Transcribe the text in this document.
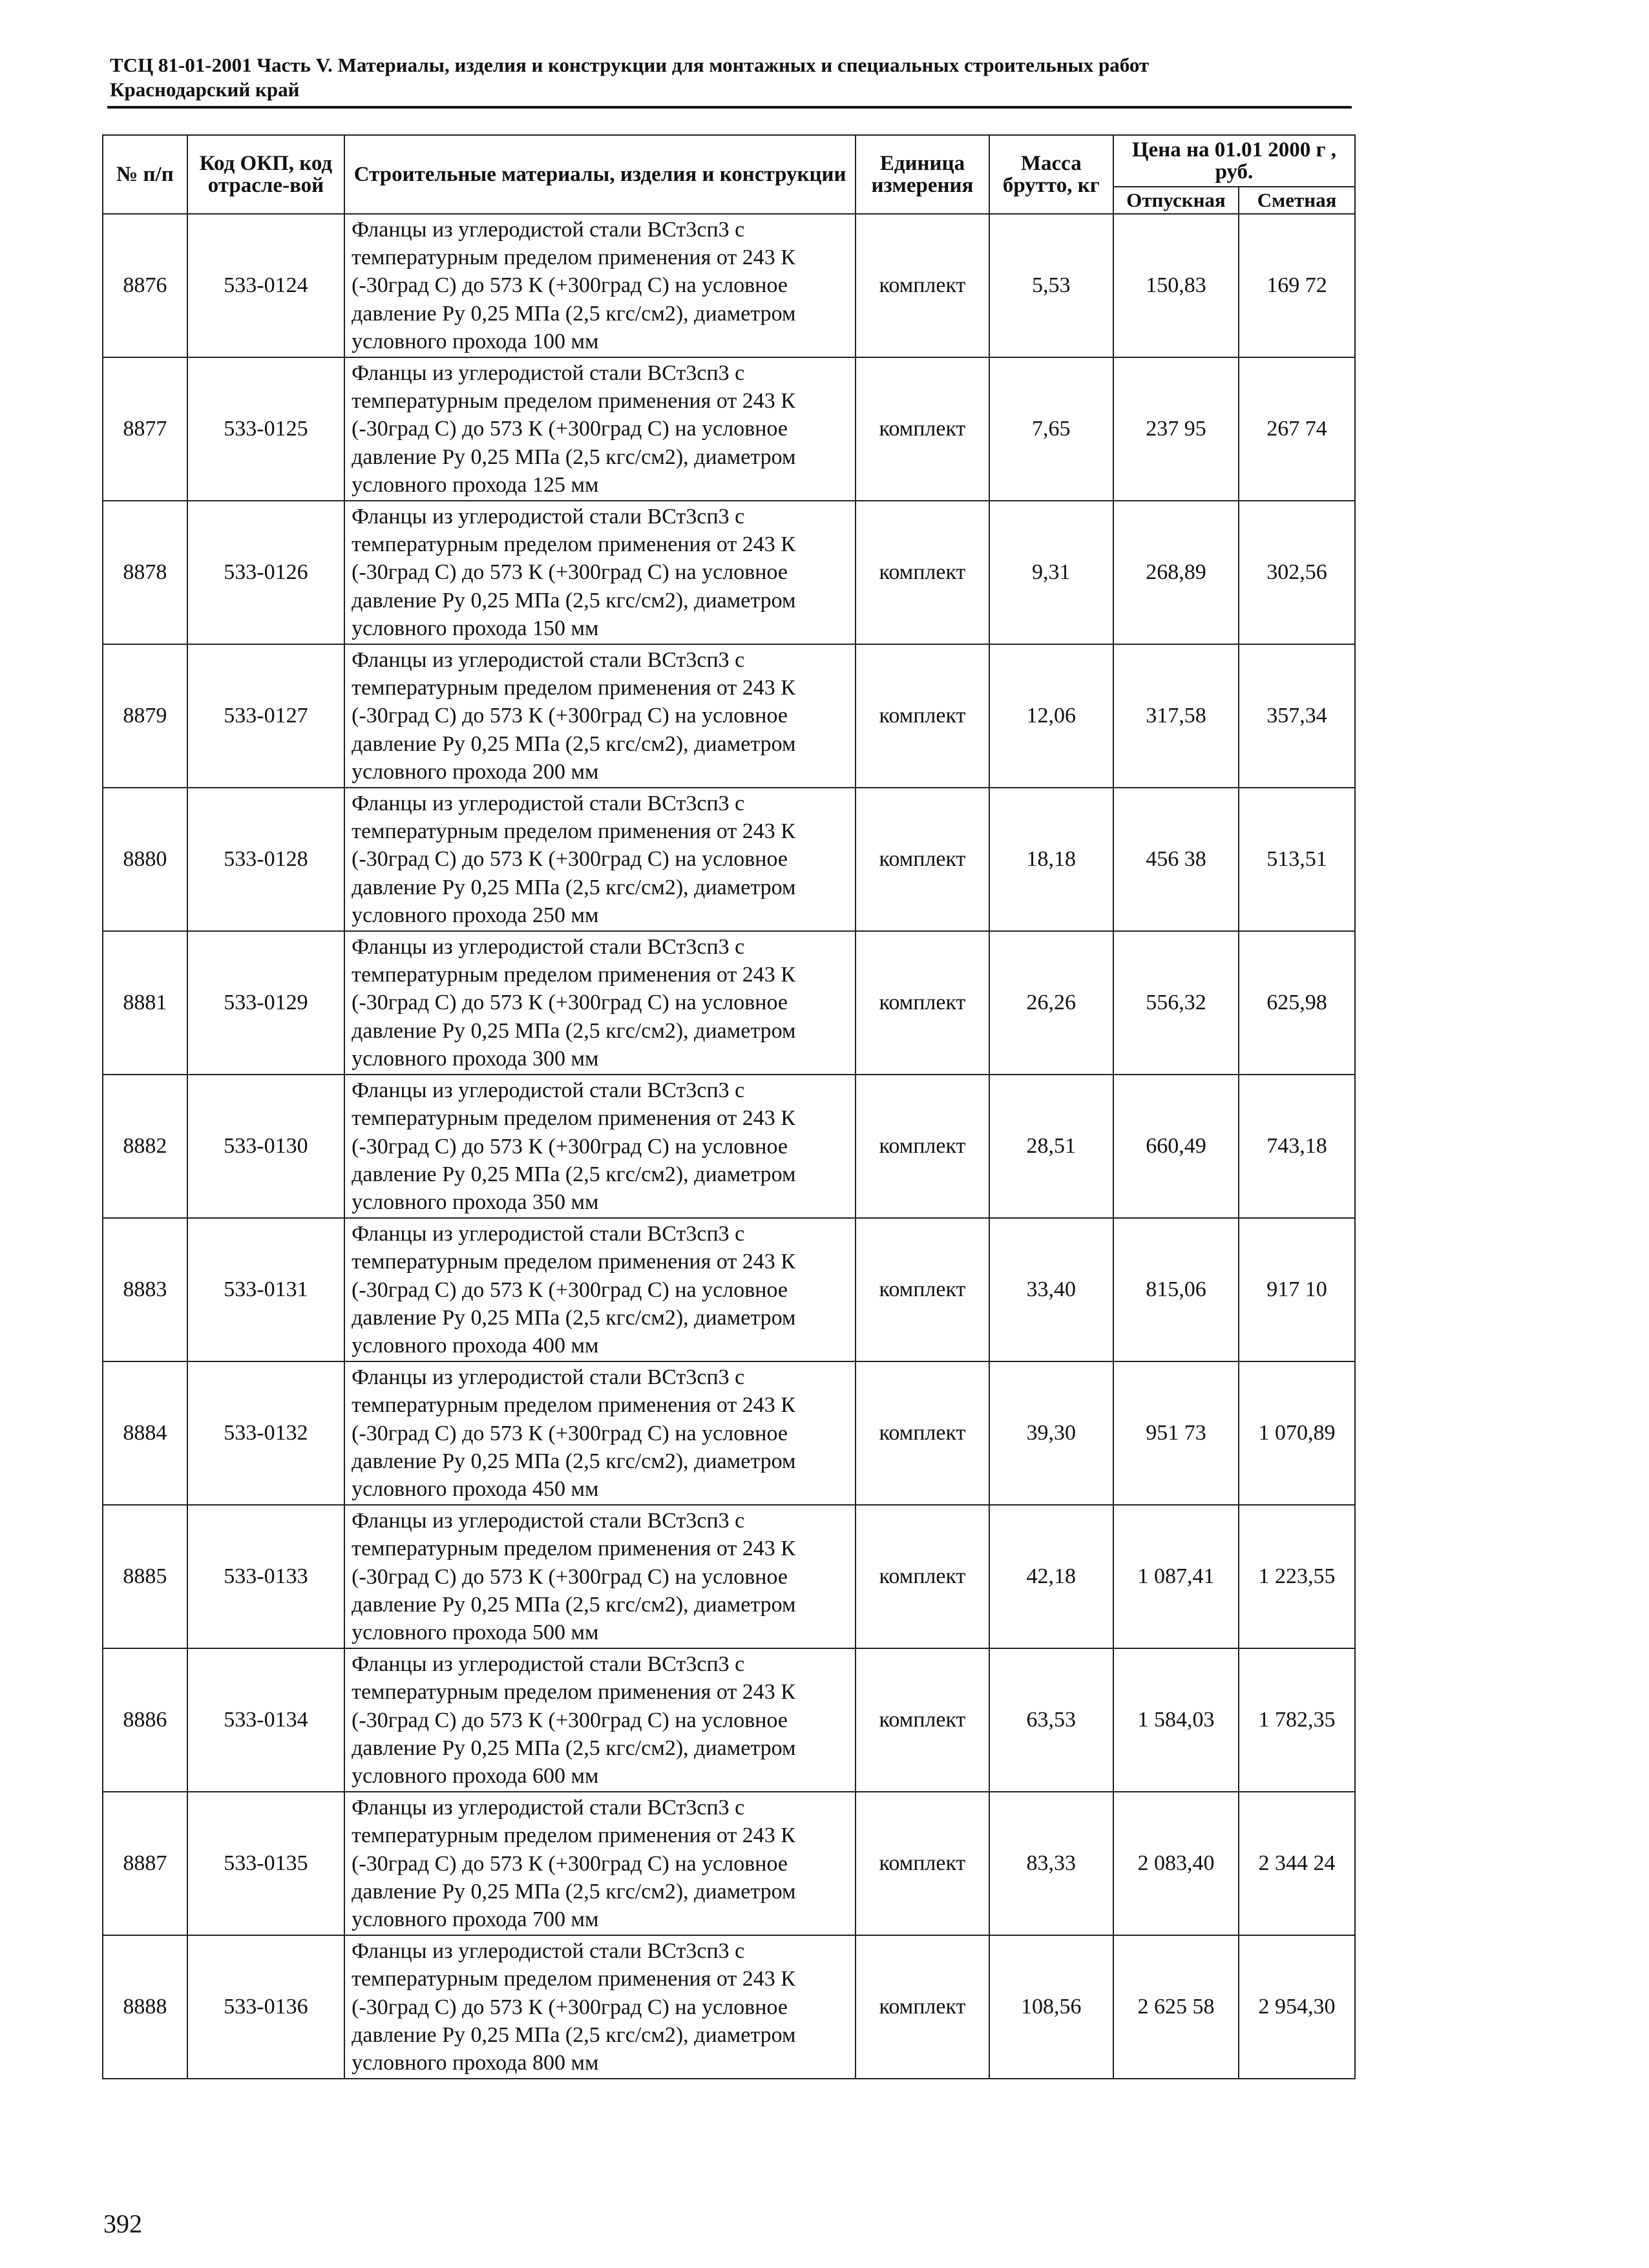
ТСЦ 81-01-2001 Часть V. Материалы, изделия и конструкции для монтажных и специальных строительных работ
Краснодарский край
№ п/п	Код ОКП, код отрасле-вой	Строительные материалы, изделия и конструкции	Единица измерения	Масса брутто, кг	Цена на 01.01 2000 г , руб.	
					Отпускная	Сметная
8876	533-0124	Фланцы из углеродистой стали ВСт3сп3 с температурным пределом применения от 243 К (-30град С) до 573 К (+300град С) на условное давление Ру 0,25 МПа (2,5 кгс/см2), диаметром условного прохода 100 мм	комплект	5,53	150,83	169 72
8877	533-0125	Фланцы из углеродистой стали ВСт3сп3 с температурным пределом применения от 243 К (-30град С) до 573 К (+300град С) на условное давление Ру 0,25 МПа (2,5 кгс/см2), диаметром условного прохода 125 мм	комплект	7,65	237 95	267 74
8878	533-0126	Фланцы из углеродистой стали ВСт3сп3 с температурным пределом применения от 243 К (-30град С) до 573 К (+300град С) на условное давление Ру 0,25 МПа (2,5 кгс/см2), диаметром условного прохода 150 мм	комплект	9,31	268,89	302,56
8879	533-0127	Фланцы из углеродистой стали ВСт3сп3 с температурным пределом применения от 243 К (-30град С) до 573 К (+300град С) на условное давление Ру 0,25 МПа (2,5 кгс/см2), диаметром условного прохода 200 мм	комплект	12,06	317,58	357,34
8880	533-0128	Фланцы из углеродистой стали ВСт3сп3 с температурным пределом применения от 243 К (-30град С) до 573 К (+300град С) на условное давление Ру 0,25 МПа (2,5 кгс/см2), диаметром условного прохода 250 мм	комплект	18,18	456 38	513,51
8881	533-0129	Фланцы из углеродистой стали ВСт3сп3 с температурным пределом применения от 243 К (-30град С) до 573 К (+300град С) на условное давление Ру 0,25 МПа (2,5 кгс/см2), диаметром условного прохода 300 мм	комплект	26,26	556,32	625,98
8882	533-0130	Фланцы из углеродистой стали ВСт3сп3 с температурным пределом применения от 243 К (-30град С) до 573 К (+300град С) на условное давление Ру 0,25 МПа (2,5 кгс/см2), диаметром условного прохода 350 мм	комплект	28,51	660,49	743,18
8883	533-0131	Фланцы из углеродистой стали ВСт3сп3 с температурным пределом применения от 243 К (-30град С) до 573 К (+300град С) на условное давление Ру 0,25 МПа (2,5 кгс/см2), диаметром условного прохода 400 мм	комплект	33,40	815,06	917 10
8884	533-0132	Фланцы из углеродистой стали ВСт3сп3 с температурным пределом применения от 243 К (-30град С) до 573 К (+300град С) на условное давление Ру 0,25 МПа (2,5 кгс/см2), диаметром условного прохода 450 мм	комплект	39,30	951 73	1 070,89
8885	533-0133	Фланцы из углеродистой стали ВСт3сп3 с температурным пределом применения от 243 К (-30град С) до 573 К (+300град С) на условное давление Ру 0,25 МПа (2,5 кгс/см2), диаметром условного прохода 500 мм	комплект	42,18	1 087,41	1 223,55
8886	533-0134	Фланцы из углеродистой стали ВСт3сп3 с температурным пределом применения от 243 К (-30град С) до 573 К (+300град С) на условное давление Ру 0,25 МПа (2,5 кгс/см2), диаметром условного прохода 600 мм	комплект	63,53	1 584,03	1 782,35
8887	533-0135	Фланцы из углеродистой стали ВСт3сп3 с температурным пределом применения от 243 К (-30град С) до 573 К (+300град С) на условное давление Ру 0,25 МПа (2,5 кгс/см2), диаметром условного прохода 700 мм	комплект	83,33	2 083,40	2 344 24
8888	533-0136	Фланцы из углеродистой стали ВСт3сп3 с температурным пределом применения от 243 К (-30град С) до 573 К (+300град С) на условное давление Ру 0,25 МПа (2,5 кгс/см2), диаметром условного прохода 800 мм	комплект	108,56	2 625 58	2 954,30
392
